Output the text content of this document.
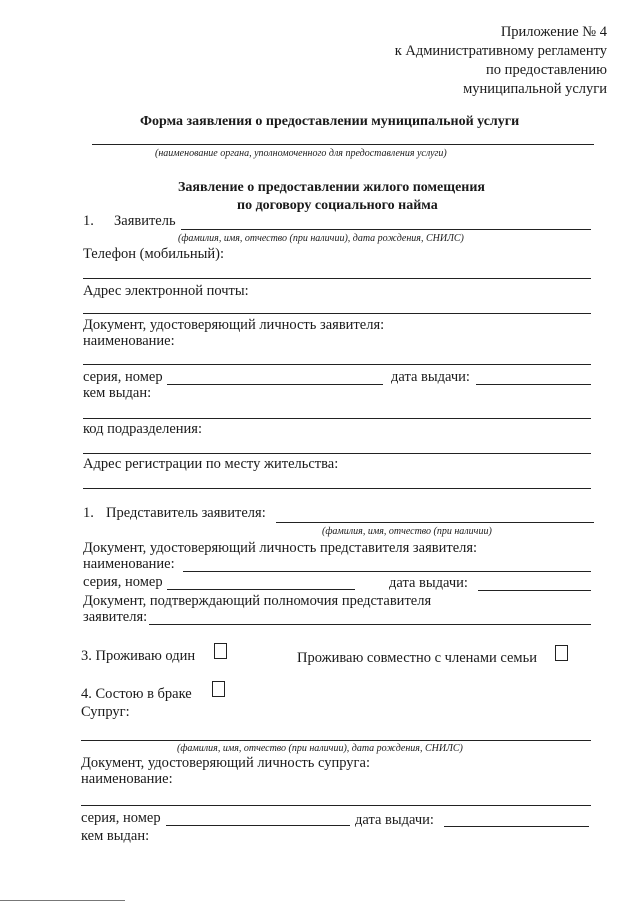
Приложение № 4
к Административному регламенту
по предоставлению
муниципальной услуги
Форма заявления о предоставлении муниципальной услуги
(наименование органа, уполномоченного для предоставления услуги)
Заявление о предоставлении жилого помещения
по договору социального найма
1. Заявитель
(фамилия, имя, отчество (при наличии), дата рождения, СНИЛС)
Телефон (мобильный):
Адрес электронной почты:
Документ, удостоверяющий личность заявителя:
наименование:
серия, номер	дата выдачи:
кем выдан:
код подразделения:
Адрес регистрации по месту жительства:
1. Представитель заявителя:
(фамилия, имя, отчество (при наличии)
Документ, удостоверяющий личность представителя заявителя:
наименование:
серия, номер	дата выдачи:
Документ, подтверждающий полномочия представителя
заявителя:
3. Проживаю один	Проживаю совместно с членами семьи
4. Состою в браке
Супруг:
(фамилия, имя, отчество (при наличии), дата рождения, СНИЛС)
Документ, удостоверяющий личность супруга:
наименование:
серия, номер	дата выдачи:
кем выдан:
